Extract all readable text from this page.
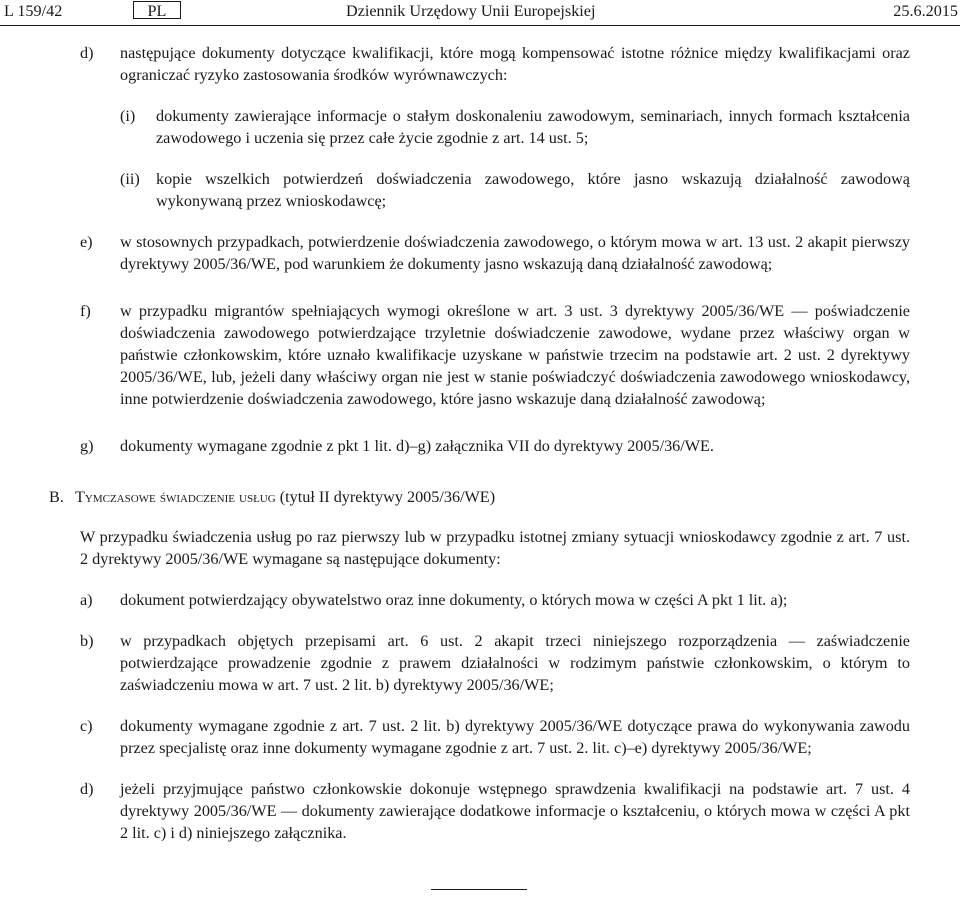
L 159/42	PL	Dziennik Urzędowy Unii Europejskiej	25.6.2015
d)	następujące dokumenty dotyczące kwalifikacji, które mogą kompensować istotne różnice między kwalifikacjami oraz ograniczać ryzyko zastosowania środków wyrównawczych:
(i)	dokumenty zawierające informacje o stałym doskonaleniu zawodowym, seminariach, innych formach kształcenia zawodowego i uczenia się przez całe życie zgodnie z art. 14 ust. 5;
(ii)	kopie wszelkich potwierdzeń doświadczenia zawodowego, które jasno wskazują działalność zawodową wykonywaną przez wnioskodawcę;
e)	w stosownych przypadkach, potwierdzenie doświadczenia zawodowego, o którym mowa w art. 13 ust. 2 akapit pierwszy dyrektywy 2005/36/WE, pod warunkiem że dokumenty jasno wskazują daną działalność zawodową;
f)	w przypadku migrantów spełniających wymogi określone w art. 3 ust. 3 dyrektywy 2005/36/WE — poświadczenie doświadczenia zawodowego potwierdzające trzyletnie doświadczenie zawodowe, wydane przez właściwy organ w państwie członkowskim, które uznało kwalifikacje uzyskane w państwie trzecim na podstawie art. 2 ust. 2 dyrektywy 2005/36/WE, lub, jeżeli dany właściwy organ nie jest w stanie poświadczyć doświadczenia zawodowego wnioskodawcy, inne potwierdzenie doświadczenia zawodowego, które jasno wskazuje daną działalność zawodową;
g)	dokumenty wymagane zgodnie z pkt 1 lit. d)–g) załącznika VII do dyrektywy 2005/36/WE.
B. Tymczasowe świadczenie usług (tytuł II dyrektywy 2005/36/WE)
W przypadku świadczenia usług po raz pierwszy lub w przypadku istotnej zmiany sytuacji wnioskodawcy zgodnie z art. 7 ust. 2 dyrektywy 2005/36/WE wymagane są następujące dokumenty:
a)	dokument potwierdzający obywatelstwo oraz inne dokumenty, o których mowa w części A pkt 1 lit. a);
b)	w przypadkach objętych przepisami art. 6 ust. 2 akapit trzeci niniejszego rozporządzenia — zaświadczenie potwierdzające prowadzenie zgodnie z prawem działalności w rodzimym państwie członkowskim, o którym to zaświadczeniu mowa w art. 7 ust. 2 lit. b) dyrektywy 2005/36/WE;
c)	dokumenty wymagane zgodnie z art. 7 ust. 2 lit. b) dyrektywy 2005/36/WE dotyczące prawa do wykonywania zawodu przez specjalistę oraz inne dokumenty wymagane zgodnie z art. 7 ust. 2. lit. c)–e) dyrektywy 2005/36/WE;
d)	jeżeli przyjmujące państwo członkowskie dokonuje wstępnego sprawdzenia kwalifikacji na podstawie art. 7 ust. 4 dyrektywy 2005/36/WE — dokumenty zawierające dodatkowe informacje o kształceniu, o których mowa w części A pkt 2 lit. c) i d) niniejszego załącznika.
